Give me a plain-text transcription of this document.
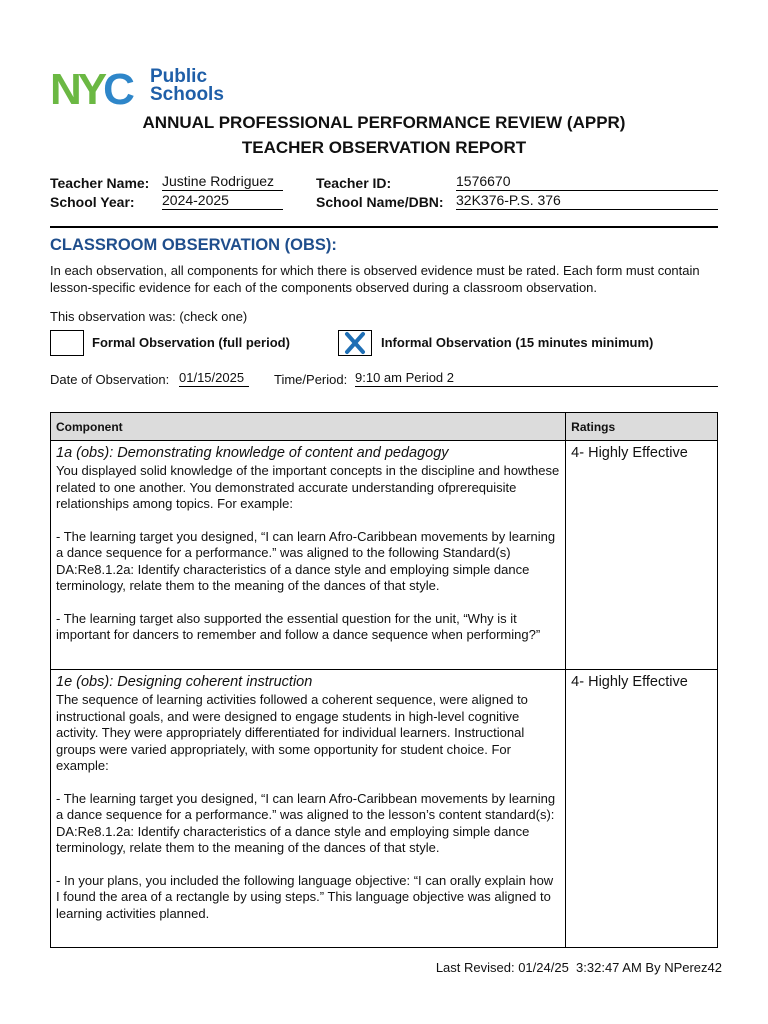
NYC Public
Schools
ANNUAL PROFESSIONAL PERFORMANCE REVIEW (APPR)
TEACHER OBSERVATION REPORT
Teacher Name: Justine Rodriguez	Teacher ID:	1576670
School Year: 2024-2025	School Name/DBN: 32K376-P.S. 376
CLASSROOM OBSERVATION (OBS):
In each observation, all components for which there is observed evidence must be rated. Each form must contain lesson-specific evidence for each of the components observed during a classroom observation.
This observation was: (check one)
Formal Observation (full period)	Informal Observation (15 minutes minimum)
Date of Observation: 01/15/2025	Time/Period: 9:10 am Period 2
Component	Ratings

1a (obs): Demonstrating knowledge of content and pedagogy

You displayed solid knowledge of the important concepts in the discipline and howthese related to one another. You demonstrated accurate understanding ofprerequisite relationships among topics. For example:

- The learning target you designed, “I can learn Afro-Caribbean movements by learning a dance sequence for a performance.” was aligned to the following Standard(s) DA:Re8.1.2a: Identify characteristics of a dance style and employing simple dance terminology, relate them to the meaning of the dances of that style.

- The learning target also supported the essential question for the unit, “Why is it important for dancers to remember and follow a dance sequence when performing?”	4- Highly Effective

1e (obs): Designing coherent instruction

The sequence of learning activities followed a coherent sequence, were aligned to instructional goals, and were designed to engage students in high-level cognitive activity. They were appropriately differentiated for individual learners. Instructional groups were varied appropriately, with some opportunity for student choice. For example:

- The learning target you designed, “I can learn Afro-Caribbean movements by learning a dance sequence for a performance.” was aligned to the lesson’s content standard(s): DA:Re8.1.2a: Identify characteristics of a dance style and employing simple dance terminology, relate them to the meaning of the dances of that style.

- In your plans, you included the following language objective: “I can orally explain how I found the area of a rectangle by using steps.” This language objective was aligned to learning activities planned.	4- Highly Effective
Last Revised: 01/24/25  3:32:47 AM By NPerez42
